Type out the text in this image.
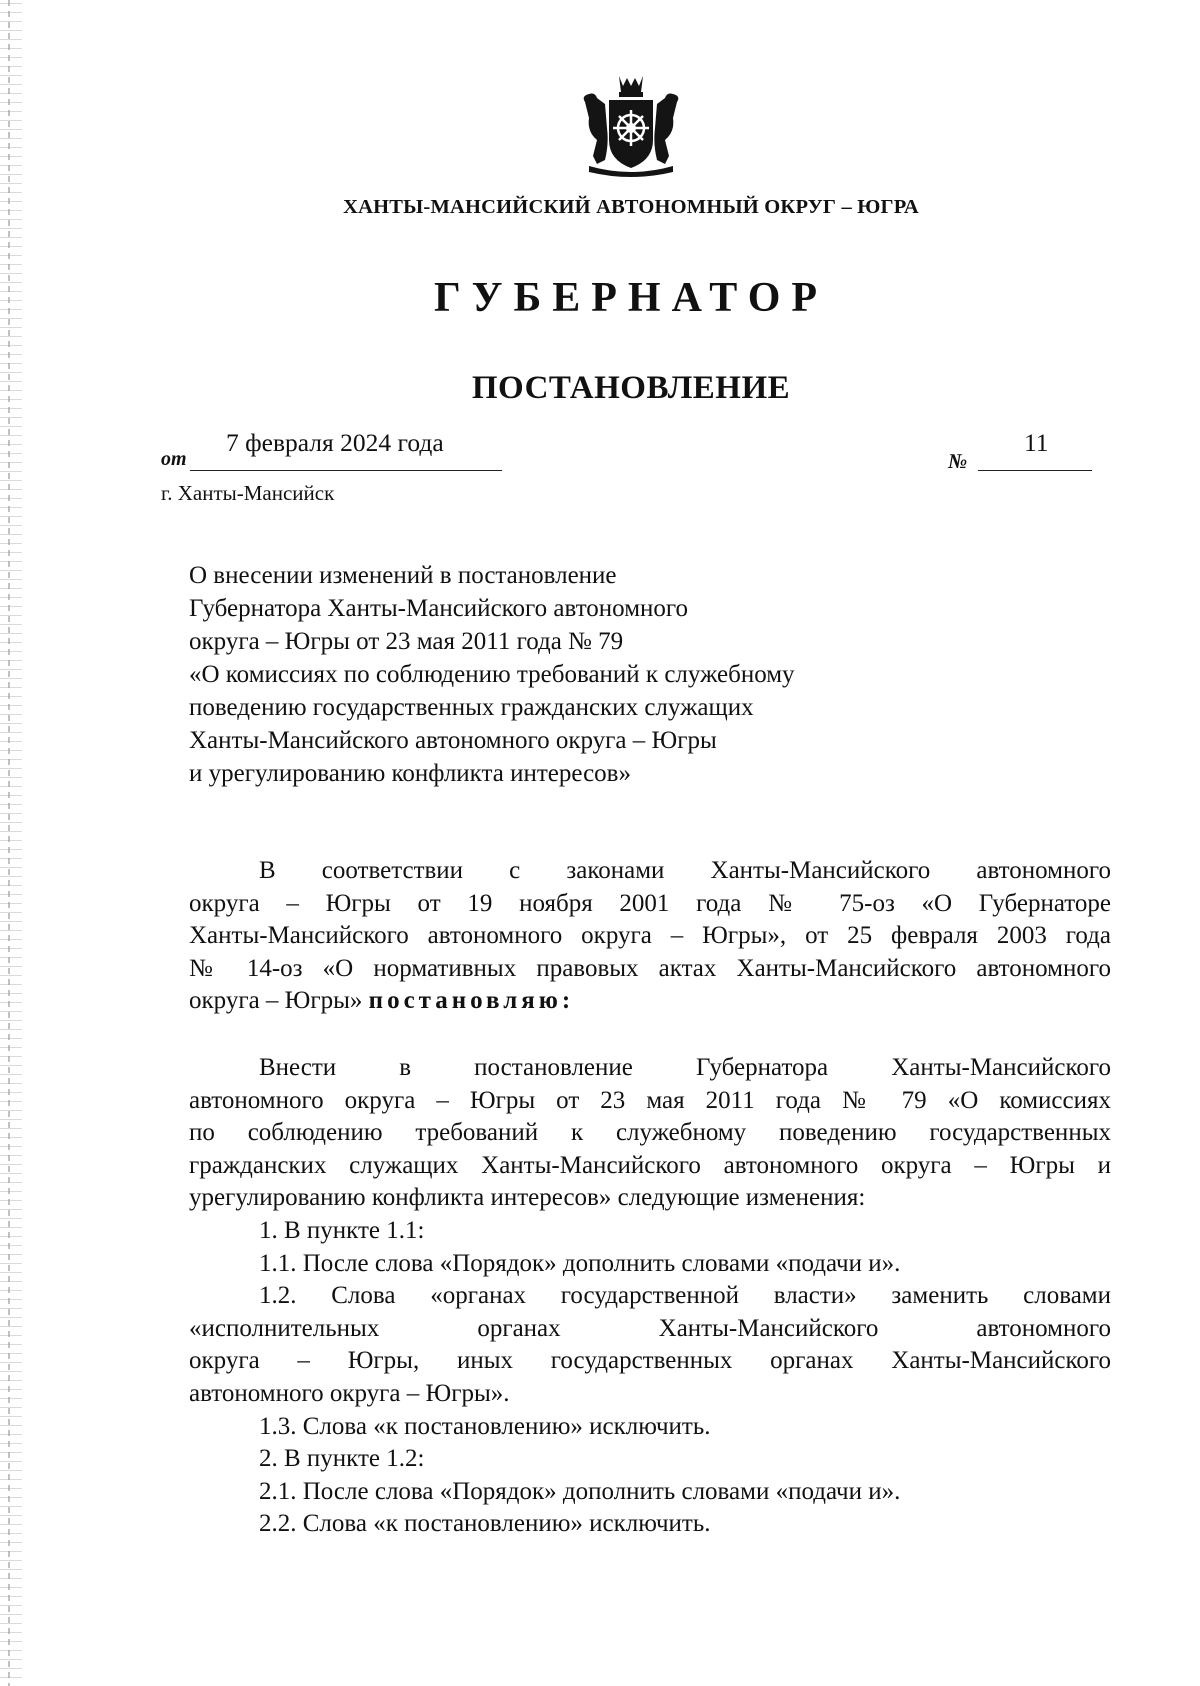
ХАНТЫ-МАНСИЙСКИЙ АВТОНОМНЫЙ ОКРУГ – ЮГРА
ГУБЕРНАТОР
ПОСТАНОВЛЕНИЕ
от
7 февраля 2024 года
№
11
г. Ханты-Мансийск
О внесении изменений в постановление
Губернатора Ханты-Мансийского автономного
округа – Югры от 23 мая 2011 года № 79
«О комиссиях по соблюдению требований к служебному
поведению государственных гражданских служащих
Ханты-Мансийского автономного округа – Югры
и урегулированию конфликта интересов»
В соответствии с законами Ханты-Мансийского автономного
округа – Югры от 19 ноября 2001 года № 75-оз «О Губернаторе
Ханты-Мансийского автономного округа – Югры», от 25 февраля 2003 года
№ 14-оз «О нормативных правовых актах Ханты-Мансийского автономного
округа – Югры» постановляю:
Внести в постановление Губернатора Ханты-Мансийского
автономного округа – Югры от 23 мая 2011 года № 79 «О комиссиях
по соблюдению требований к служебному поведению государственных
гражданских служащих Ханты-Мансийского автономного округа – Югры и
урегулированию конфликта интересов» следующие изменения:
1. В пункте 1.1:
1.1. После слова «Порядок» дополнить словами «подачи и».
1.2. Слова «органах государственной власти» заменить словами
«исполнительных органах Ханты-Мансийского автономного
округа – Югры, иных государственных органах Ханты-Мансийского
автономного округа – Югры».
1.3. Слова «к постановлению» исключить.
2. В пункте 1.2:
2.1. После слова «Порядок» дополнить словами «подачи и».
2.2. Слова «к постановлению» исключить.
